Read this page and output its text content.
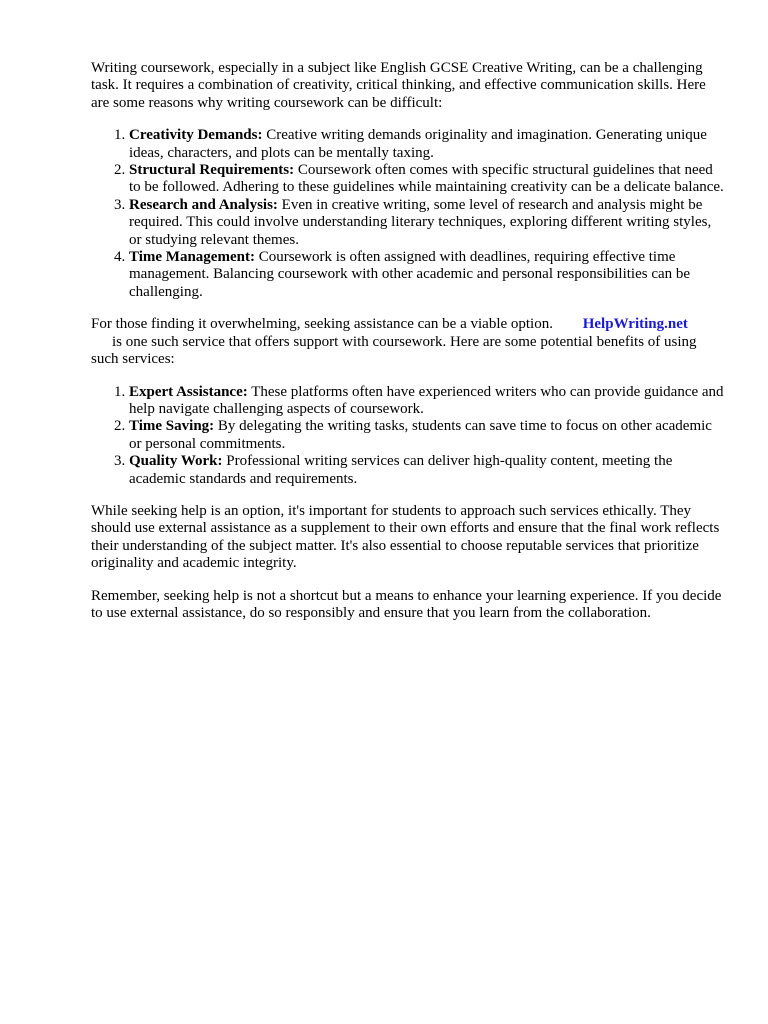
Writing coursework, especially in a subject like English GCSE Creative Writing, can be a challenging task. It requires a combination of creativity, critical thinking, and effective communication skills. Here are some reasons why writing coursework can be difficult:

1. Creativity Demands: Creative writing demands originality and imagination. Generating unique ideas, characters, and plots can be mentally taxing.
2. Structural Requirements: Coursework often comes with specific structural guidelines that need to be followed. Adhering to these guidelines while maintaining creativity can be a delicate balance.
3. Research and Analysis: Even in creative writing, some level of research and analysis might be required. This could involve understanding literary techniques, exploring different writing styles, or studying relevant themes.
4. Time Management: Coursework is often assigned with deadlines, requiring effective time management. Balancing coursework with other academic and personal responsibilities can be challenging.

For those finding it overwhelming, seeking assistance can be a viable option. HelpWriting.net
is one such service that offers support with coursework. Here are some potential benefits of using such services:

1. Expert Assistance: These platforms often have experienced writers who can provide guidance and help navigate challenging aspects of coursework.
2. Time Saving: By delegating the writing tasks, students can save time to focus on other academic or personal commitments.
3. Quality Work: Professional writing services can deliver high-quality content, meeting the academic standards and requirements.

While seeking help is an option, it's important for students to approach such services ethically. They should use external assistance as a supplement to their own efforts and ensure that the final work reflects their understanding of the subject matter. It's also essential to choose reputable services that prioritize originality and academic integrity.

Remember, seeking help is not a shortcut but a means to enhance your learning experience. If you decide to use external assistance, do so responsibly and ensure that you learn from the collaboration.
